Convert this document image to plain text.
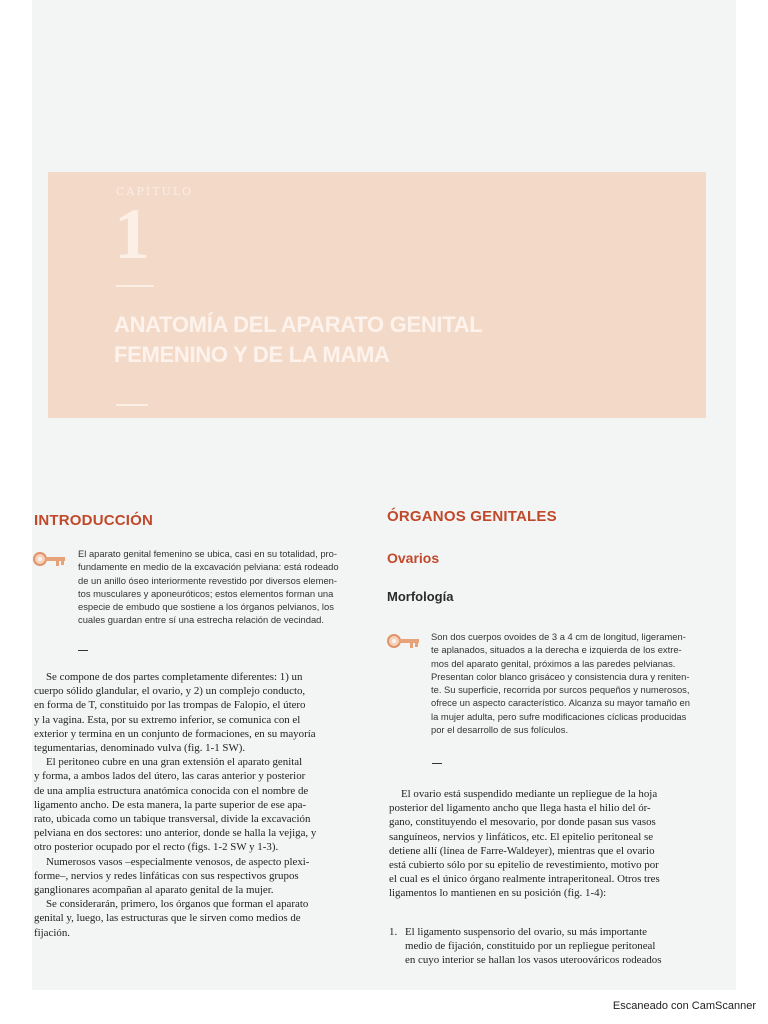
CAPÍTULO
1
ANATOMÍA DEL APARATO GENITAL
FEMENINO Y DE LA MAMA
INTRODUCCIÓN
El aparato genital femenino se ubica, casi en su totalidad, pro-
fundamente en medio de la excavación pelviana: está rodeado
de un anillo óseo interiormente revestido por diversos elemen-
tos musculares y aponeuróticos; estos elementos forman una
especie de embudo que sostiene a los órganos pelvianos, los
cuales guardan entre sí una estrecha relación de vecindad.
Se compone de dos partes completamente diferentes: 1) un
cuerpo sólido glandular, el ovario, y 2) un complejo conducto,
en forma de T, constituido por las trompas de Falopio, el útero
y la vagina. Esta, por su extremo inferior, se comunica con el
exterior y termina en un conjunto de formaciones, en su mayoría
tegumentarias, denominado vulva (fig. 1-1 SW).
El peritoneo cubre en una gran extensión el aparato genital
y forma, a ambos lados del útero, las caras anterior y posterior
de una amplia estructura anatómica conocida con el nombre de
ligamento ancho. De esta manera, la parte superior de ese apa-
rato, ubicada como un tabique transversal, divide la excavación
pelviana en dos sectores: uno anterior, donde se halla la vejiga, y
otro posterior ocupado por el recto (figs. 1-2 SW y 1-3).
Numerosos vasos –especialmente venosos, de aspecto plexi-
forme–, nervios y redes linfáticas con sus respectivos grupos
ganglionares acompañan al aparato genital de la mujer.
Se considerarán, primero, los órganos que forman el aparato
genital y, luego, las estructuras que le sirven como medios de
fijación.
ÓRGANOS GENITALES
Ovarios
Morfología
Son dos cuerpos ovoides de 3 a 4 cm de longitud, ligeramen-
te aplanados, situados a la derecha e izquierda de los extre-
mos del aparato genital, próximos a las paredes pelvianas.
Presentan color blanco grisáceo y consistencia dura y reniten-
te. Su superficie, recorrida por surcos pequeños y numerosos,
ofrece un aspecto característico. Alcanza su mayor tamaño en
la mujer adulta, pero sufre modificaciones cíclicas producidas
por el desarrollo de sus folículos.
El ovario está suspendido mediante un repliegue de la hoja
posterior del ligamento ancho que llega hasta el hilio del ór-
gano, constituyendo el mesovario, por donde pasan sus vasos
sanguíneos, nervios y linfáticos, etc. El epitelio peritoneal se
detiene allí (línea de Farre-Waldeyer), mientras que el ovario
está cubierto sólo por su epitelio de revestimiento, motivo por
el cual es el único órgano realmente intraperitoneal. Otros tres
ligamentos lo mantienen en su posición (fig. 1-4):
1. El ligamento suspensorio del ovario, su más importante
medio de fijación, constituido por un repliegue peritoneal
en cuyo interior se hallan los vasos uteroováricos rodeados
Escaneado con CamScanner
